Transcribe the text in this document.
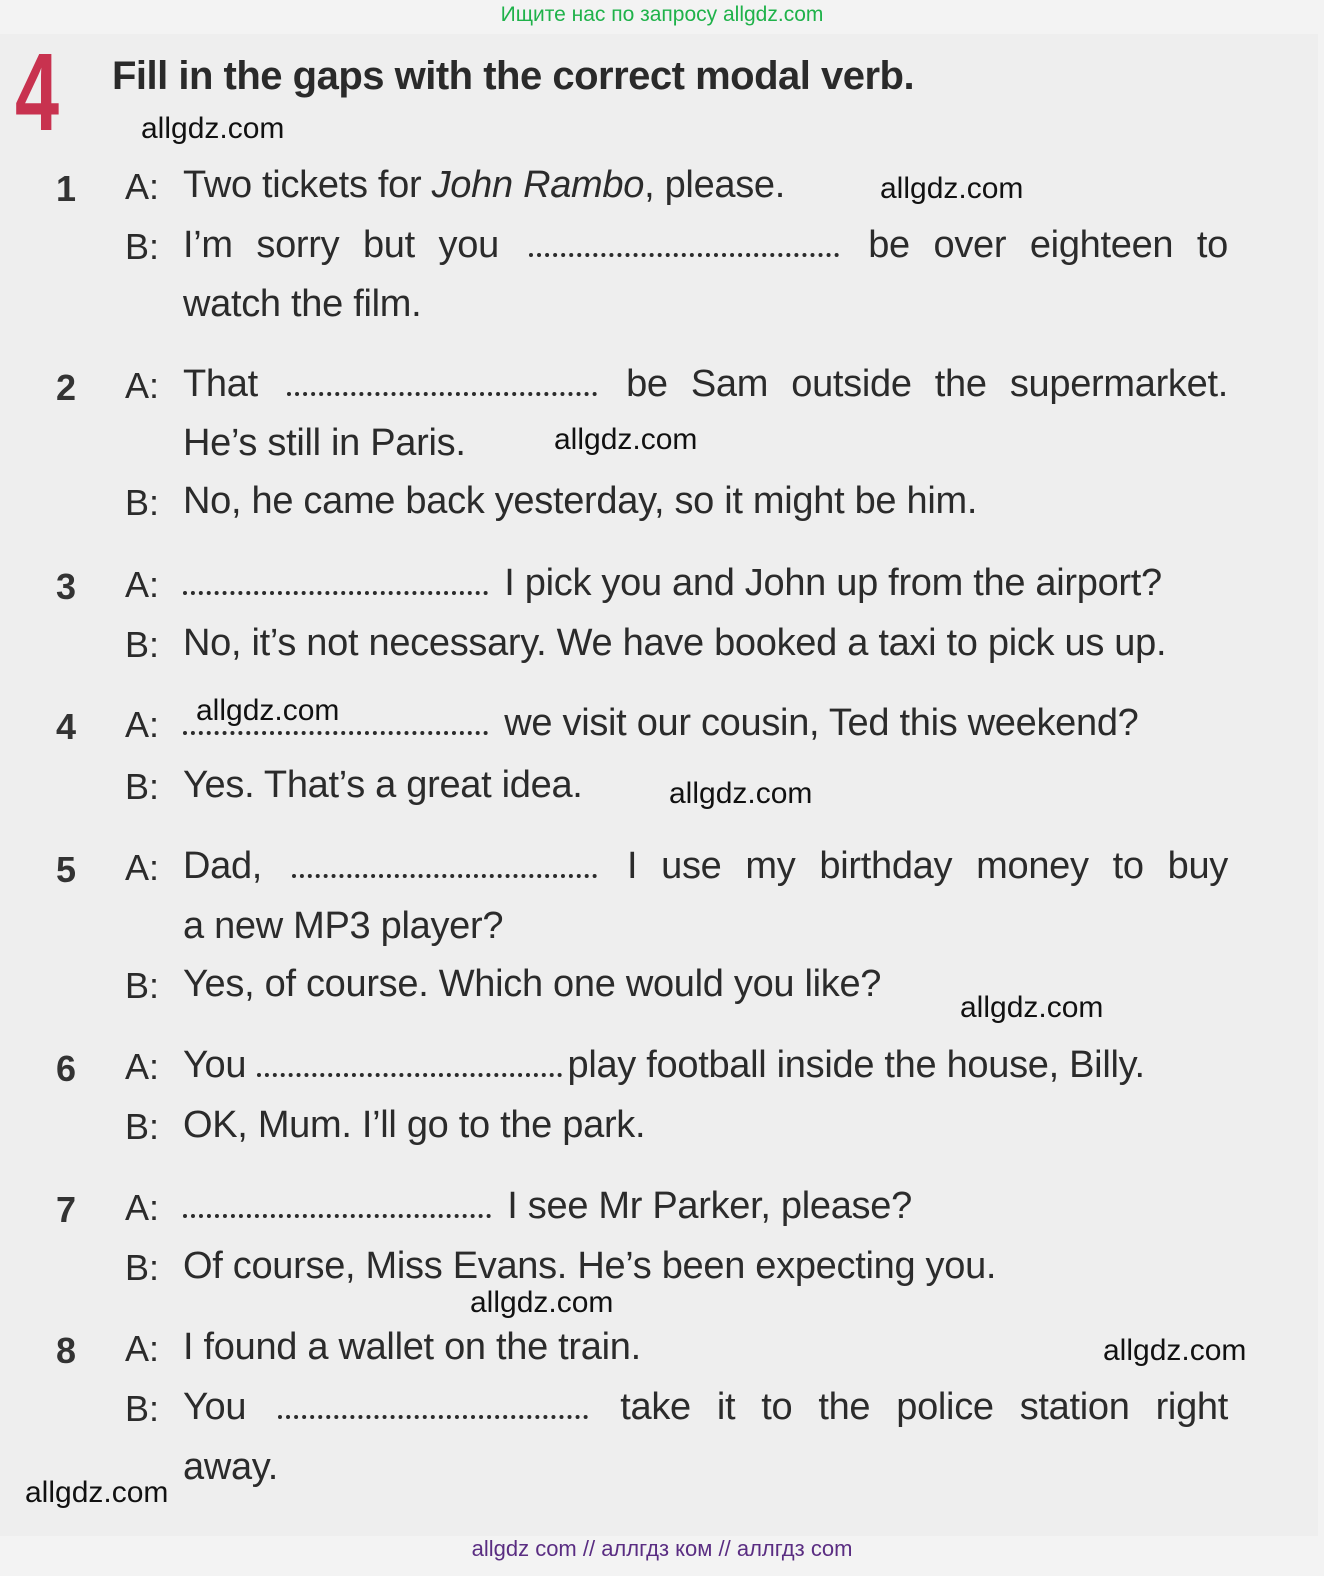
Ищите нас по запросу allgdz.com
4 Fill in the gaps with the correct modal verb.
1 A: Two tickets for John Rambo, please.
B: I’m sorry but you	be over eighteen to
watch the film.
2 A: That	be Sam outside the supermarket.
He’s still in Paris.
B: No, he came back yesterday, so it might be him.
3 A:	I pick you and John up from the airport?
B: No, it’s not necessary. We have booked a taxi to pick us up.
4 A:	we visit our cousin, Ted this weekend?
B: Yes. That’s a great idea.
5 A: Dad,	I use my birthday money to buy
a new MP3 player?
B: Yes, of course. Which one would you like?
6 A: You	play football inside the house, Billy.
B: OK, Mum. I’ll go to the park.
7 A:	I see Mr Parker, please?
B: Of course, Miss Evans. He’s been expecting you.
8 A: I found a wallet on the train.
B: You	take it to the police station right
away.
allgdz.com
allgdz.com
allgdz.com
allgdz.com
allgdz.com
allgdz.com
allgdz.com
allgdz.com
allgdz.com
allgdz com // аллгдз ком // аллгдз com
